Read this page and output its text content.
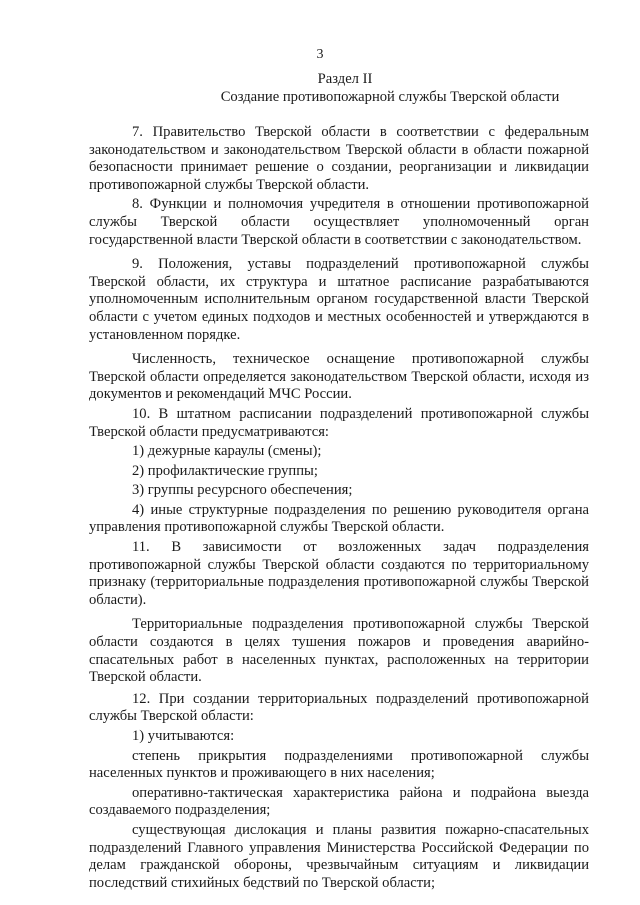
3
Раздел II
Создание противопожарной службы Тверской области

7. Правительство Тверской области в соответствии с федеральным законодательством и законодательством Тверской области в области пожарной безопасности принимает решение о создании, реорганизации и ликвидации противопожарной службы Тверской области.

8. Функции и полномочия учредителя в отношении противопожарной службы Тверской области осуществляет уполномоченный орган государственной власти Тверской области в соответствии с законодательством.

9. Положения, уставы подразделений противопожарной службы Тверской области, их структура и штатное расписание разрабатываются уполномоченным исполнительным органом государственной власти Тверской области с учетом единых подходов и местных особенностей и утверждаются в установленном порядке.

Численность, техническое оснащение противопожарной службы Тверской области определяется законодательством Тверской области, исходя из документов и рекомендаций МЧС России.

10. В штатном расписании подразделений противопожарной службы Тверской области предусматриваются:

1) дежурные караулы (смены);

2) профилактические группы;

3) группы ресурсного обеспечения;

4) иные структурные подразделения по решению руководителя органа управления противопожарной службы Тверской области.

11. В зависимости от возложенных задач подразделения противопожарной службы Тверской области создаются по территориальному признаку (территориальные подразделения противопожарной службы Тверской области).

Территориальные подразделения противопожарной службы Тверской области создаются в целях тушения пожаров и проведения аварийно-спасательных работ в населенных пунктах, расположенных на территории Тверской области.

12. При создании территориальных подразделений противопожарной службы Тверской области:

1) учитываются:

степень прикрытия подразделениями противопожарной службы населенных пунктов и проживающего в них населения;

оперативно-тактическая характеристика района и подрайона выезда создаваемого подразделения;

существующая дислокация и планы развития пожарно-спасательных подразделений Главного управления Министерства Российской Федерации по делам гражданской обороны, чрезвычайным ситуациям и ликвидации последствий стихийных бедствий по Тверской области;
